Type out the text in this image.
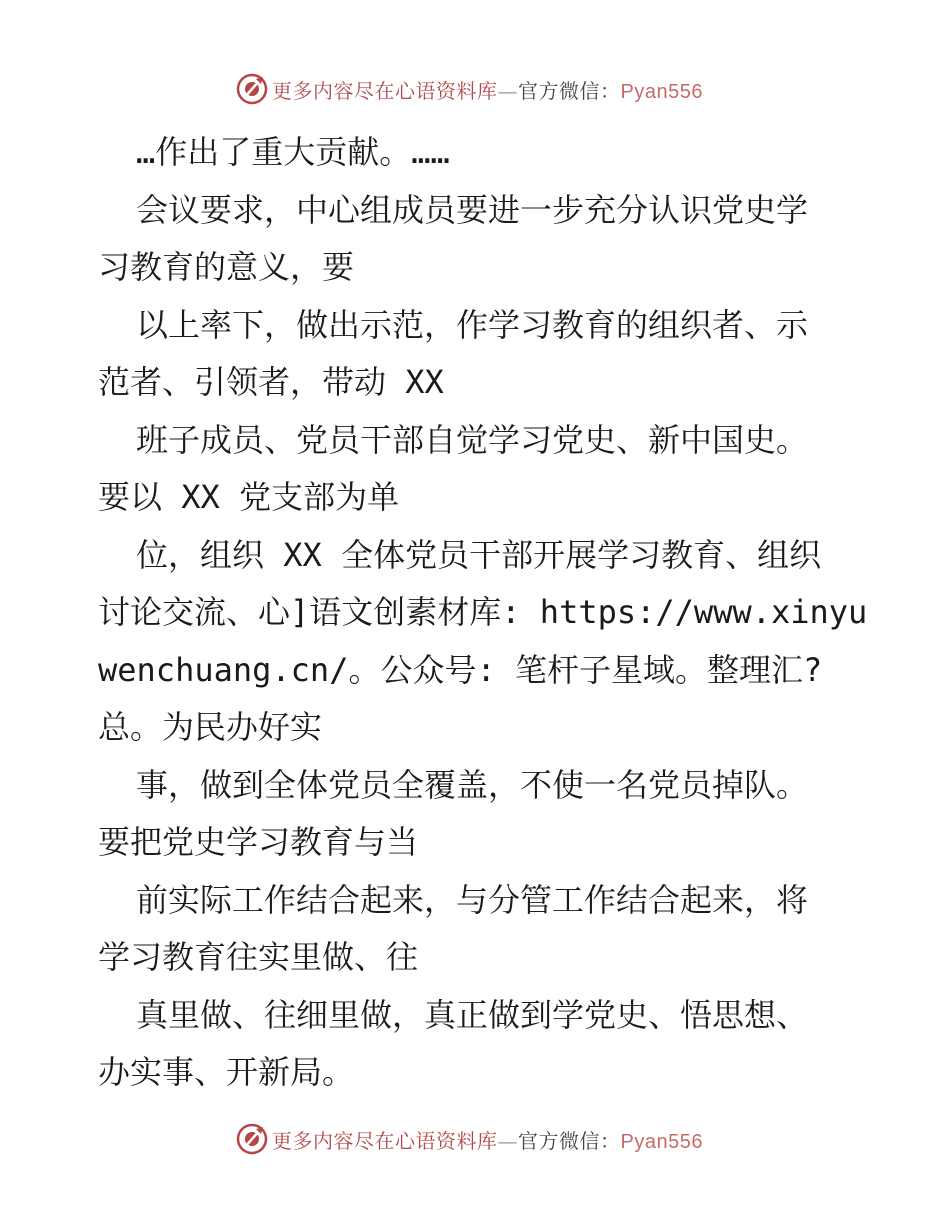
更多内容尽在心语资料库—官方微信：Pyan556
…作出了重大贡献。……
会议要求，中心组成员要进一步充分认识党史学
习教育的意义，要
以上率下，做出示范，作学习教育的组织者、示
范者、引领者，带动 XX
班子成员、党员干部自觉学习党史、新中国史。
要以 XX 党支部为单
位，组织 XX 全体党员干部开展学习教育、组织
讨论交流、心]语文创素材库: https://www.xinyu
wenchuang.cn/。公众号: 笔杆子星域。整理汇?
总。为民办好实
事，做到全体党员全覆盖，不使一名党员掉队。
要把党史学习教育与当
前实际工作结合起来，与分管工作结合起来，将
学习教育往实里做、往
真里做、往细里做，真正做到学党史、悟思想、
办实事、开新局。
更多内容尽在心语资料库—官方微信：Pyan556
